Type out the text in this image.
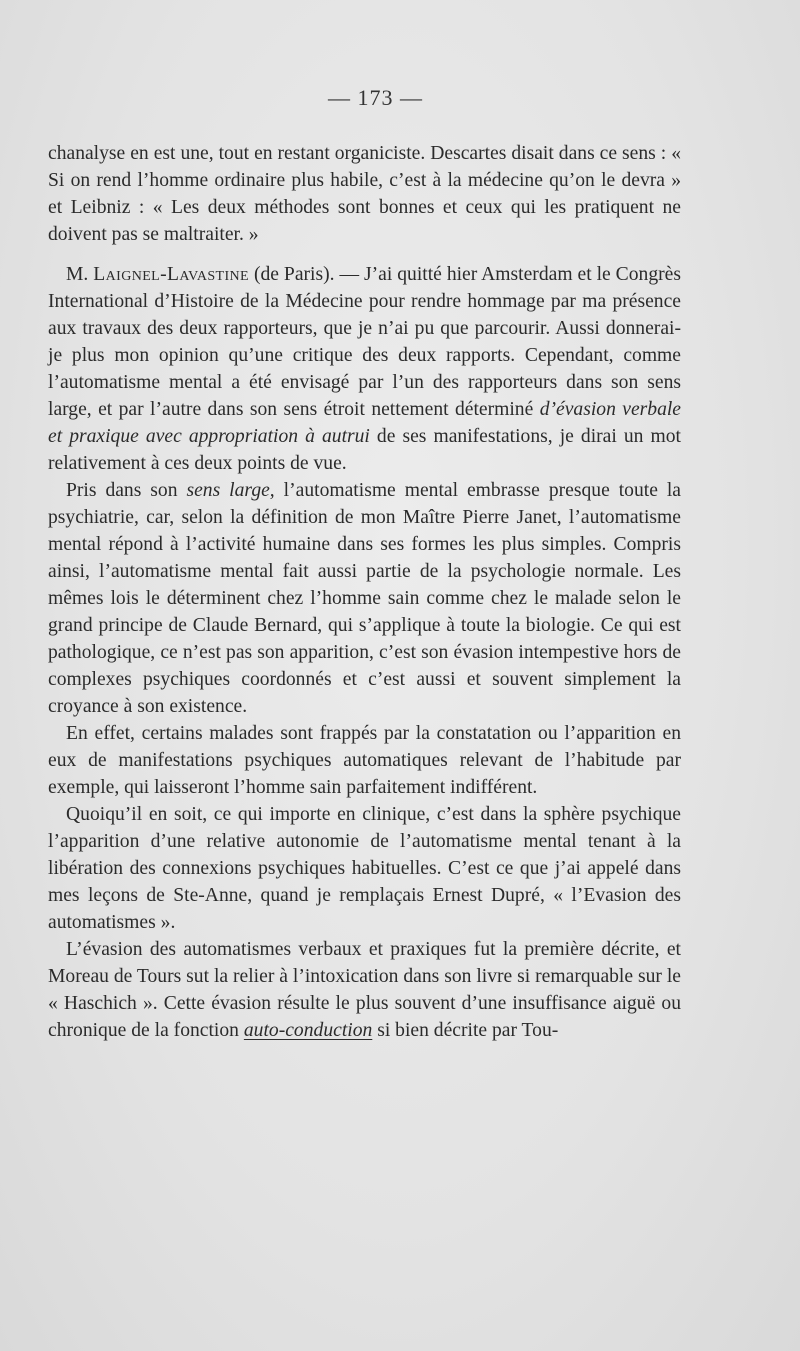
— 173 —

chanalyse en est une, tout en restant organiciste. Descartes disait dans ce sens : « Si on rend l’homme ordinaire plus habile, c’est à la médecine qu’on le devra » et Leibniz : « Les deux méthodes sont bonnes et ceux qui les pratiquent ne doivent pas se maltraiter. »

M. Laignel-Lavastine (de Paris). — J’ai quitté hier Amsterdam et le Congrès International d’Histoire de la Médecine pour rendre hommage par ma présence aux travaux des deux rapporteurs, que je n’ai pu que parcourir. Aussi donnerai-je plus mon opinion qu’une critique des deux rapports. Cependant, comme l’automatisme mental a été envisagé par l’un des rapporteurs dans son sens large, et par l’autre dans son sens étroit nettement déterminé d’évasion verbale et praxique avec appropriation à autrui de ses manifestations, je dirai un mot relativement à ces deux points de vue.

Pris dans son sens large, l’automatisme mental embrasse presque toute la psychiatrie, car, selon la définition de mon Maître Pierre Janet, l’automatisme mental répond à l’activité humaine dans ses formes les plus simples. Compris ainsi, l’automatisme mental fait aussi partie de la psychologie normale. Les mêmes lois le déterminent chez l’homme sain comme chez le malade selon le grand principe de Claude Bernard, qui s’applique à toute la biologie. Ce qui est pathologique, ce n’est pas son apparition, c’est son évasion intempestive hors de complexes psychiques coordonnés et c’est aussi et souvent simplement la croyance à son existence.

En effet, certains malades sont frappés par la constatation ou l’apparition en eux de manifestations psychiques automatiques relevant de l’habitude par exemple, qui laisseront l’homme sain parfaitement indifférent.

Quoiqu’il en soit, ce qui importe en clinique, c’est dans la sphère psychique l’apparition d’une relative autonomie de l’automatisme mental tenant à la libération des connexions psychiques habituelles. C’est ce que j’ai appelé dans mes leçons de Ste-Anne, quand je remplaçais Ernest Dupré, « l’Evasion des automatismes ».

L’évasion des automatismes verbaux et praxiques fut la première décrite, et Moreau de Tours sut la relier à l’intoxication dans son livre si remarquable sur le « Haschich ». Cette évasion résulte le plus souvent d’une insuffisance aiguë ou chronique de la fonction auto-conduction si bien décrite par Tou-
